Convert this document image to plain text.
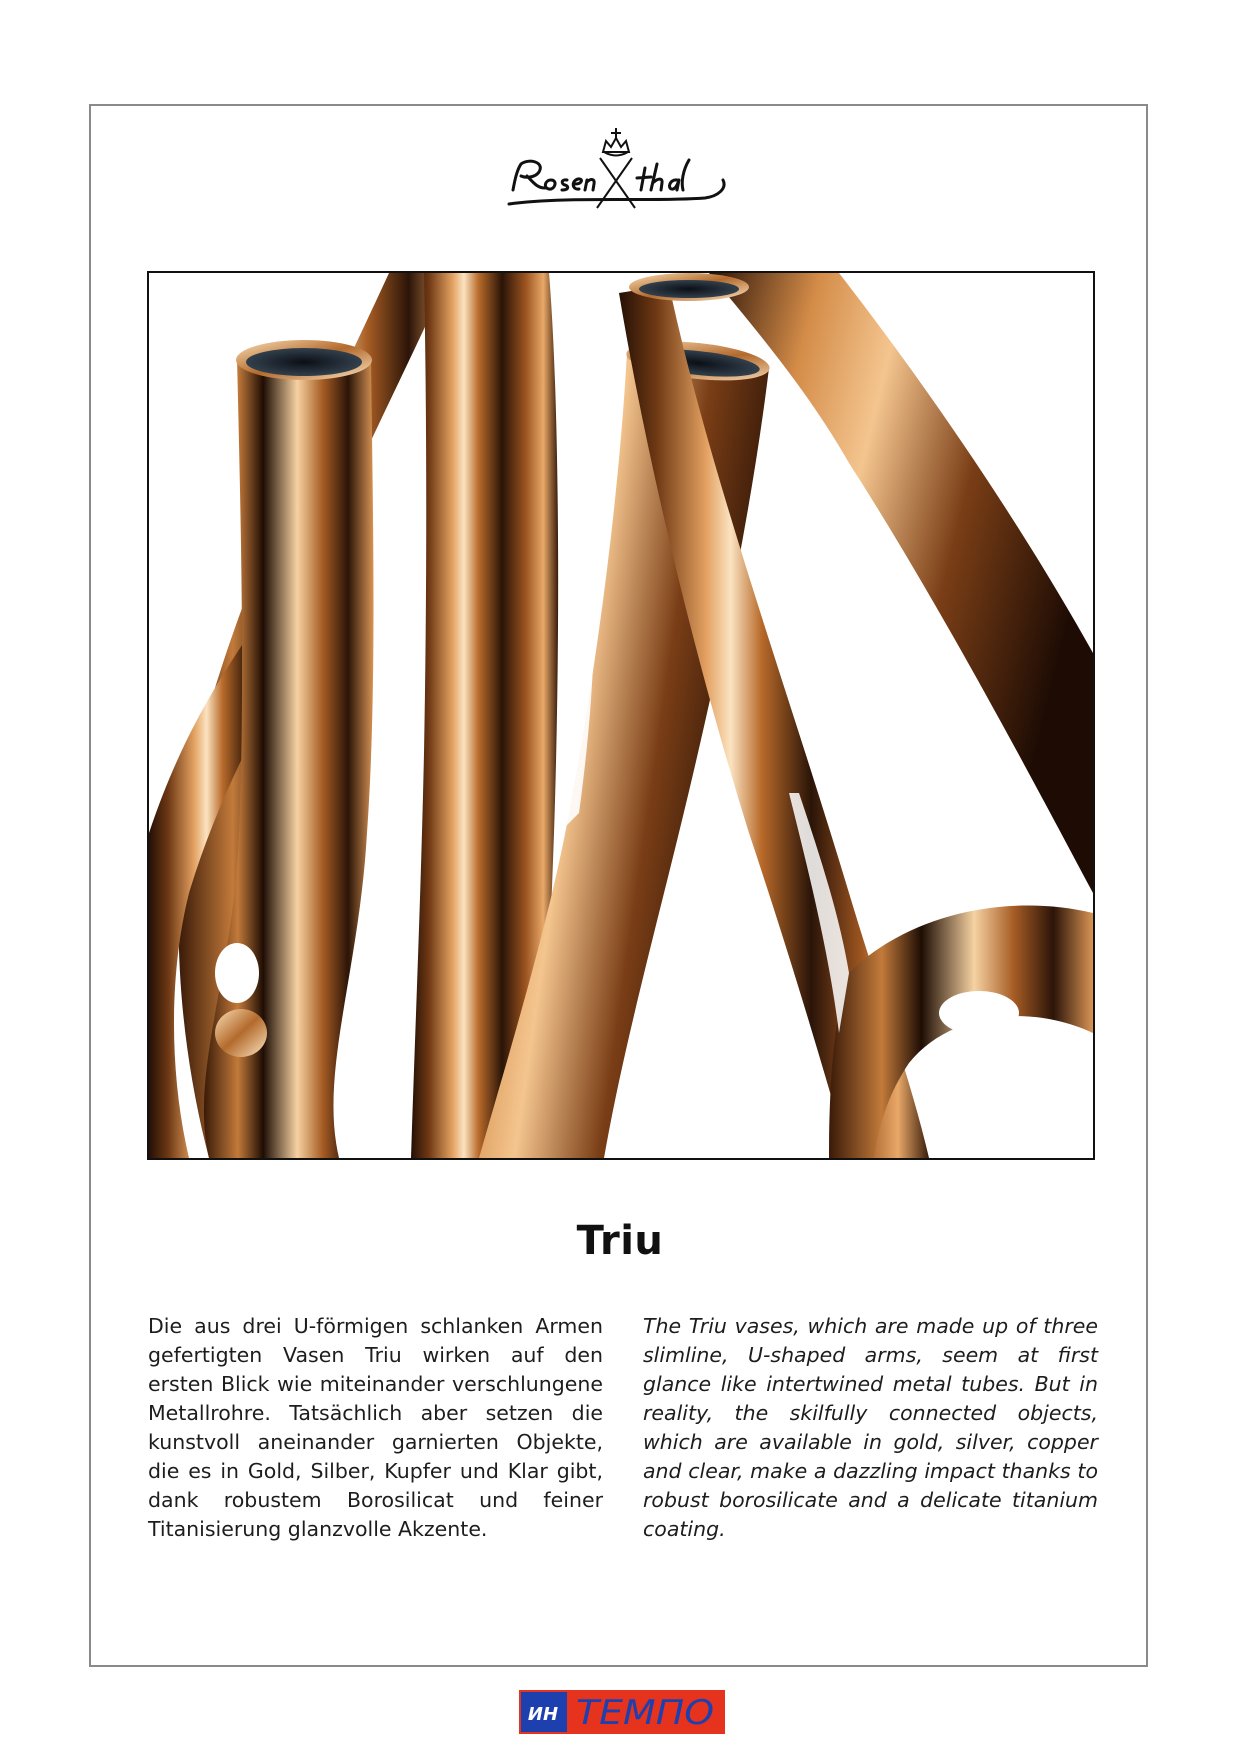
Rosenthal
Triu
Die aus drei U-förmigen schlanken Armen gefertigten Vasen Triu wirken auf den ersten Blick wie miteinander verschlungene Metallrohre. Tatsächlich aber setzen die kunstvoll aneinander garnierten Objekte, die es in Gold, Silber, Kupfer und Klar gibt, dank robustem Borosilicat und feiner Titanisierung glanzvolle Akzente.
The Triu vases, which are made up of three slimline, U-shaped arms, seem at first glance like intertwined metal tubes. But in reality, the skilfully connected objects, which are available in gold, silver, copper and clear, make a dazzling impact thanks to robust borosilicate and a delicate titanium coating.
ИН ТЕМПО
